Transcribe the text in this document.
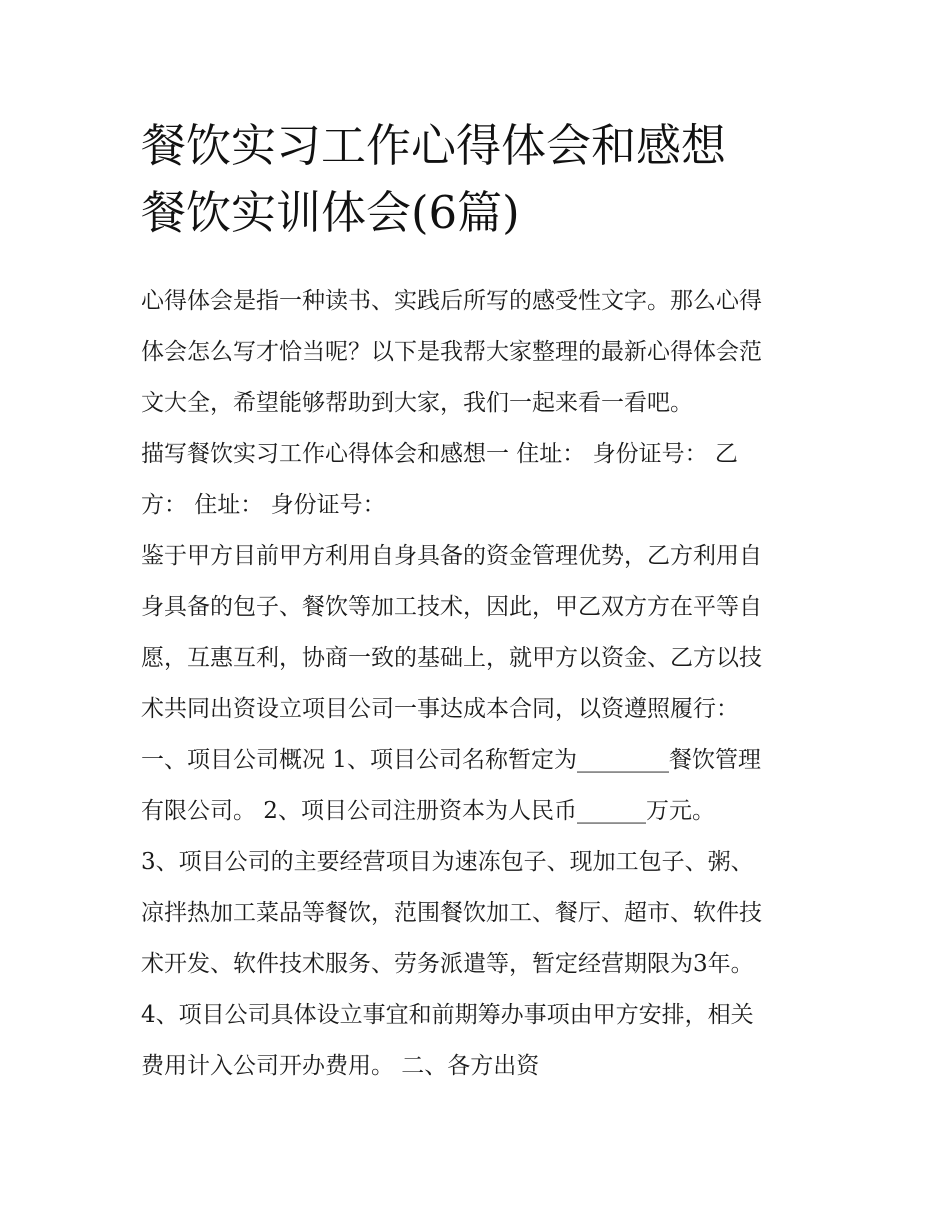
餐饮实习工作心得体会和感想
餐饮实训体会(6篇)

心得体会是指一种读书、实践后所写的感受性文字。那么心得
体会怎么写才恰当呢？以下是我帮大家整理的最新心得体会范
文大全，希望能够帮助到大家，我们一起来看一看吧。

描写餐饮实习工作心得体会和感想一 住址： 身份证号： 乙
方： 住址： 身份证号：

鉴于甲方目前甲方利用自身具备的资金管理优势，乙方利用自
身具备的包子、餐饮等加工技术，因此，甲乙双方方在平等自
愿，互惠互利，协商一致的基础上，就甲方以资金、乙方以技
术共同出资设立项目公司一事达成本合同，以资遵照履行：

一、项目公司概况 1、项目公司名称暂定为________餐饮管理
有限公司。 2、项目公司注册资本为人民币______万元。

3、项目公司的主要经营项目为速冻包子、现加工包子、粥、
凉拌热加工菜品等餐饮，范围餐饮加工、餐厅、超市、软件技
术开发、软件技术服务、劳务派遣等，暂定经营期限为3年。

4、项目公司具体设立事宜和前期筹办事项由甲方安排，相关
费用计入公司开办费用。 二、各方出资
